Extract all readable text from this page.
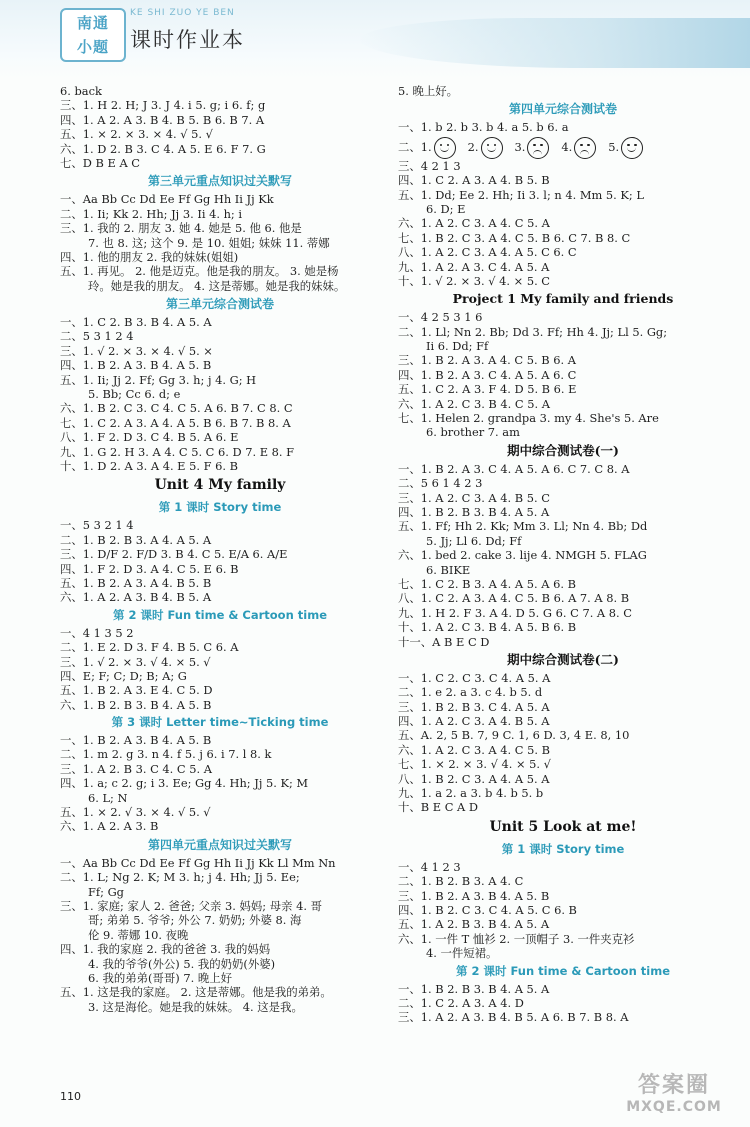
南通小题
KE SHI ZUO YE BEN
课时作业本
6. back
三、1. H 2. H; J 3. J 4. i 5. g; i 6. f; g
四、1. A 2. A 3. B 4. B 5. B 6. B 7. A
五、1. × 2. × 3. × 4. √ 5. √
六、1. D 2. B 3. C 4. A 5. E 6. F 7. G
七、D B E A C
第三单元重点知识过关默写
一、Aa Bb Cc Dd Ee Ff Gg Hh Ii Jj Kk
二、1. Ii; Kk 2. Hh; Jj 3. Ii 4. h; i
三、1. 我的 2. 朋友 3. 她 4. 她是 5. 他 6. 他是
7. 也 8. 这; 这个 9. 是 10. 姐姐; 妹妹 11. 蒂娜
四、1. 他的朋友 2. 我的妹妹(姐姐)
五、1. 再见。 2. 他是迈克。他是我的朋友。 3. 她是杨
玲。她是我的朋友。 4. 这是蒂娜。她是我的妹妹。
第三单元综合测试卷
一、1. C 2. B 3. B 4. A 5. A
二、5 3 1 2 4
三、1. √ 2. × 3. × 4. √ 5. ×
四、1. B 2. A 3. B 4. A 5. B
五、1. Ii; Jj 2. Ff; Gg 3. h; j 4. G; H
5. Bb; Cc 6. d; e
六、1. B 2. C 3. C 4. C 5. A 6. B 7. C 8. C
七、1. C 2. A 3. A 4. A 5. B 6. B 7. B 8. A
八、1. F 2. D 3. C 4. B 5. A 6. E
九、1. G 2. H 3. A 4. C 5. C 6. D 7. E 8. F
十、1. D 2. A 3. A 4. E 5. F 6. B
Unit 4 My family
第 1 课时 Story time
一、5 3 2 1 4
二、1. B 2. B 3. A 4. A 5. A
三、1. D/F 2. F/D 3. B 4. C 5. E/A 6. A/E
四、1. F 2. D 3. A 4. C 5. E 6. B
五、1. B 2. A 3. A 4. B 5. B
六、1. A 2. A 3. B 4. B 5. A
第 2 课时 Fun time & Cartoon time
一、4 1 3 5 2
二、1. E 2. D 3. F 4. B 5. C 6. A
三、1. √ 2. × 3. √ 4. × 5. √
四、E; F; C; D; B; A; G
五、1. B 2. A 3. E 4. C 5. D
六、1. B 2. B 3. B 4. A 5. B
第 3 课时 Letter time~Ticking time
一、1. B 2. A 3. B 4. A 5. B
二、1. m 2. g 3. n 4. f 5. j 6. i 7. l 8. k
三、1. A 2. B 3. C 4. C 5. A
四、1. a; c 2. g; i 3. Ee; Gg 4. Hh; Jj 5. K; M
6. L; N
五、1. × 2. √ 3. × 4. √ 5. √
六、1. A 2. A 3. B
第四单元重点知识过关默写
一、Aa Bb Cc Dd Ee Ff Gg Hh Ii Jj Kk Ll Mm Nn
二、1. L; Ng 2. K; M 3. h; j 4. Hh; Jj 5. Ee;
Ff; Gg
三、1. 家庭; 家人 2. 爸爸; 父亲 3. 妈妈; 母亲 4. 哥
哥; 弟弟 5. 爷爷; 外公 7. 奶奶; 外婆 8. 海
伦 9. 蒂娜 10. 夜晚
四、1. 我的家庭 2. 我的爸爸 3. 我的妈妈
4. 我的爷爷(外公) 5. 我的奶奶(外婆)
6. 我的弟弟(哥哥) 7. 晚上好
五、1. 这是我的家庭。 2. 这是蒂娜。他是我的弟弟。
3. 这是海伦。她是我的妹妹。 4. 这是我。
5. 晚上好。
第四单元综合测试卷
一、1. b 2. b 3. b 4. a 5. b 6. a
二、1.	2.	3.	4.	5.
三、4 2 1 3
四、1. C 2. A 3. A 4. B 5. B
五、1. Dd; Ee 2. Hh; Ii 3. l; n 4. Mm 5. K; L
6. D; E
六、1. A 2. C 3. A 4. C 5. A
七、1. B 2. C 3. A 4. C 5. B 6. C 7. B 8. C
八、1. A 2. C 3. A 4. A 5. C 6. C
九、1. A 2. A 3. C 4. A 5. A
十、1. √ 2. × 3. √ 4. × 5. C
Project 1 My family and friends
一、4 2 5 3 1 6
二、1. Ll; Nn 2. Bb; Dd 3. Ff; Hh 4. Jj; Ll 5. Gg;
Ii 6. Dd; Ff
三、1. B 2. A 3. A 4. C 5. B 6. A
四、1. B 2. A 3. C 4. A 5. A 6. C
五、1. C 2. A 3. F 4. D 5. B 6. E
六、1. A 2. C 3. B 4. C 5. A
七、1. Helen 2. grandpa 3. my 4. She's 5. Are
6. brother 7. am
期中综合测试卷(一)
一、1. B 2. A 3. C 4. A 5. A 6. C 7. C 8. A
二、5 6 1 4 2 3
三、1. A 2. C 3. A 4. B 5. C
四、1. B 2. B 3. B 4. A 5. A
五、1. Ff; Hh 2. Kk; Mm 3. Ll; Nn 4. Bb; Dd
5. Jj; Ll 6. Dd; Ff
六、1. bed 2. cake 3. lije 4. NMGH 5. FLAG
6. BIKE
七、1. C 2. B 3. A 4. A 5. A 6. B
八、1. C 2. A 3. A 4. C 5. B 6. A 7. A 8. B
九、1. H 2. F 3. A 4. D 5. G 6. C 7. A 8. C
十、1. A 2. C 3. B 4. A 5. B 6. B
十一、A B E C D
期中综合测试卷(二)
一、1. C 2. C 3. C 4. A 5. A
二、1. e 2. a 3. c 4. b 5. d
三、1. B 2. B 3. C 4. A 5. A
四、1. A 2. C 3. A 4. B 5. A
五、A. 2, 5 B. 7, 9 C. 1, 6 D. 3, 4 E. 8, 10
六、1. A 2. C 3. A 4. C 5. B
七、1. × 2. × 3. √ 4. × 5. √
八、1. B 2. C 3. A 4. A 5. A
九、1. a 2. a 3. b 4. b 5. b
十、B E C A D
Unit 5 Look at me!
第 1 课时 Story time
一、4 1 2 3
二、1. B 2. B 3. A 4. C
三、1. B 2. A 3. B 4. A 5. B
四、1. B 2. C 3. C 4. A 5. C 6. B
五、1. A 2. B 3. B 4. A 5. A
六、1. 一件 T 恤衫 2. 一顶帽子 3. 一件夹克衫
4. 一件短裙。
第 2 课时 Fun time & Cartoon time
一、1. B 2. B 3. B 4. A 5. A
二、1. C 2. A 3. A 4. D
三、1. A 2. A 3. B 4. B 5. A 6. B 7. B 8. A
110	答案圈
MXQE.COM
